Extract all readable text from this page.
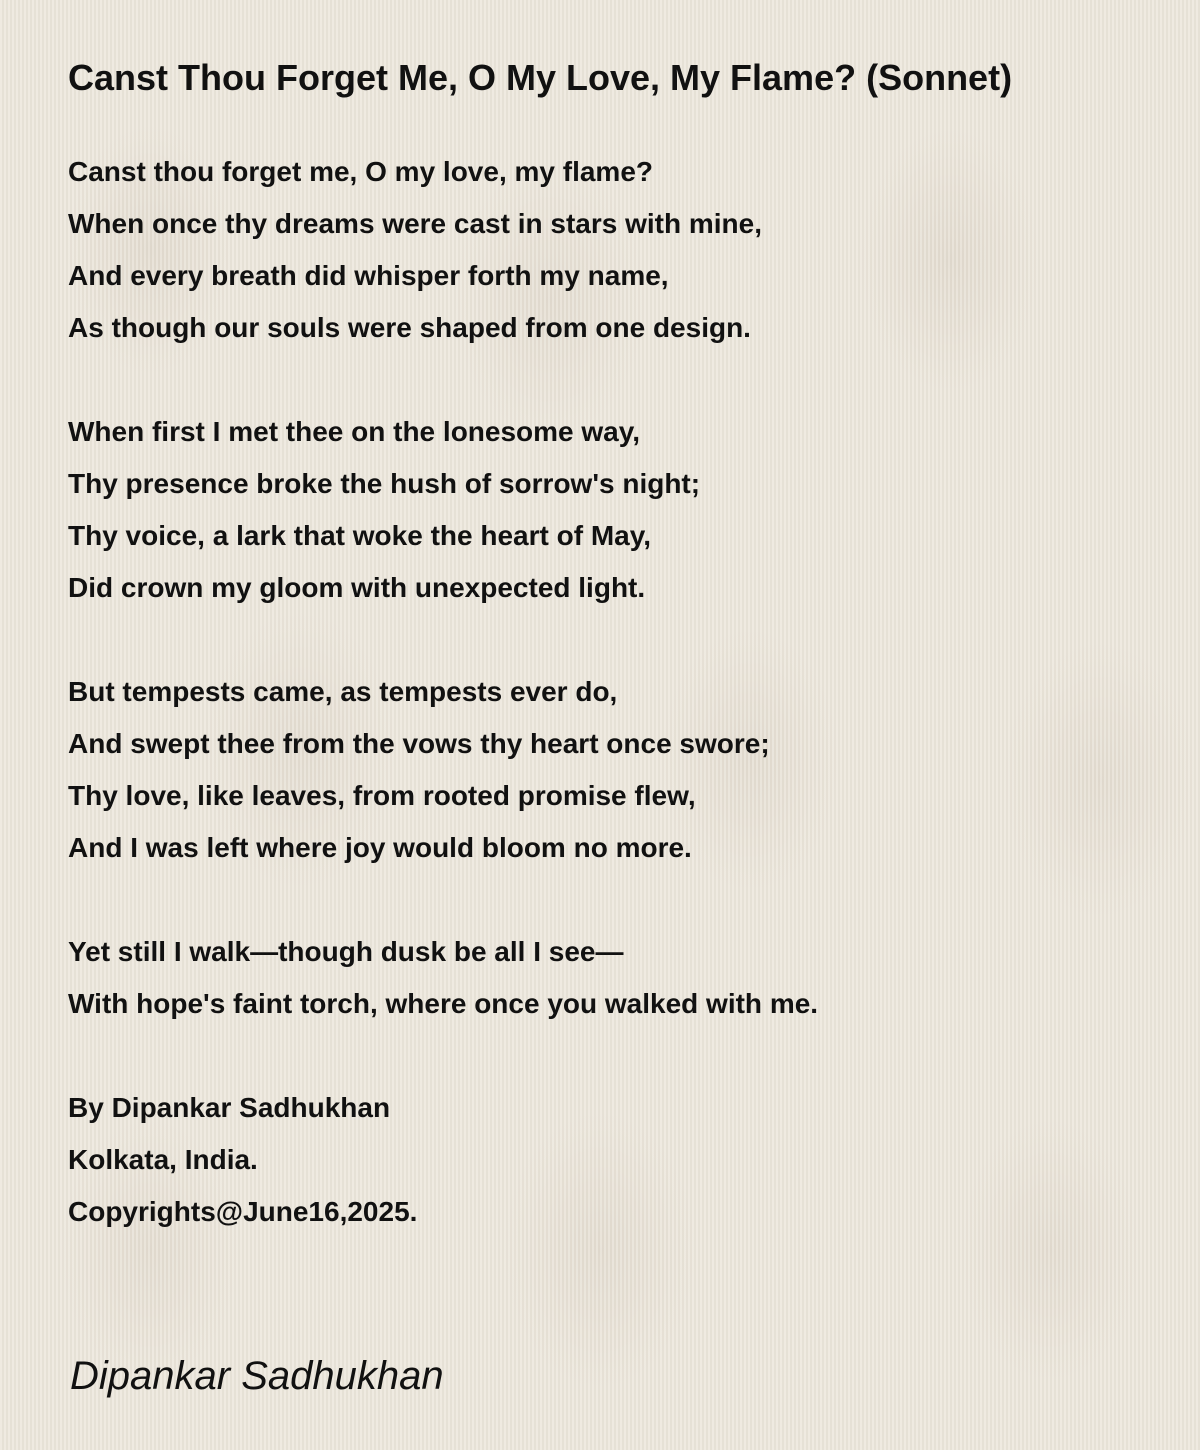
Canst Thou Forget Me, O My Love, My Flame? (Sonnet)
Canst thou forget me, O my love, my flame?
When once thy dreams were cast in stars with mine,
And every breath did whisper forth my name,
As though our souls were shaped from one design.
When first I met thee on the lonesome way,
Thy presence broke the hush of sorrow's night;
Thy voice, a lark that woke the heart of May,
Did crown my gloom with unexpected light.
But tempests came, as tempests ever do,
And swept thee from the vows thy heart once swore;
Thy love, like leaves, from rooted promise flew,
And I was left where joy would bloom no more.
Yet still I walk—though dusk be all I see—
With hope's faint torch, where once you walked with me.
By Dipankar Sadhukhan
Kolkata, India.
Copyrights@June16,2025.
Dipankar Sadhukhan
